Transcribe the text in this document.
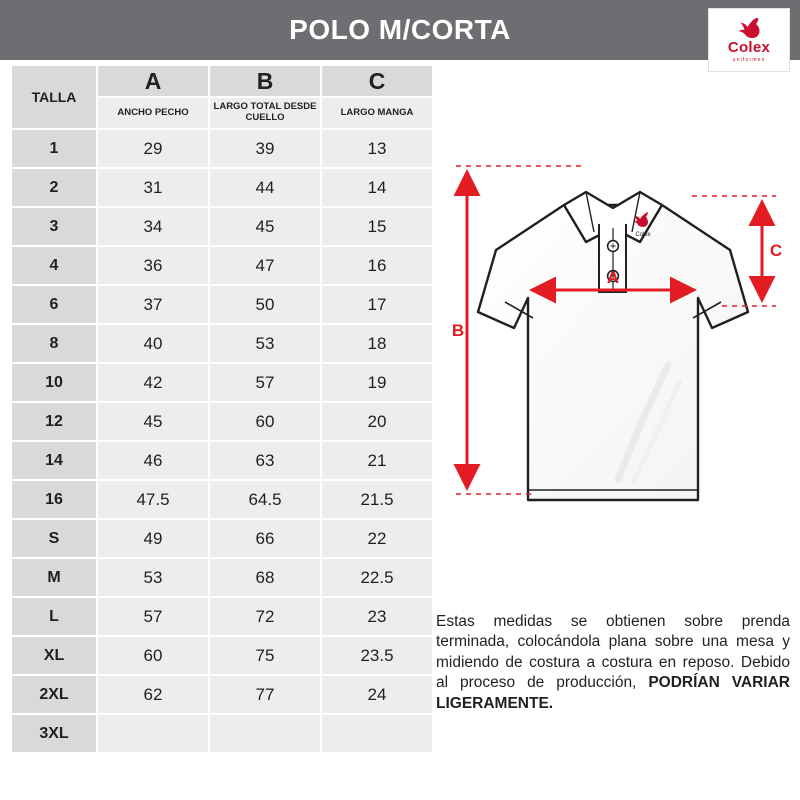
POLO M/CORTA
Colex
uniformes
TALLA	A	B	C
	ANCHO PECHO	LARGO TOTAL DESDE CUELLO	LARGO MANGA
1	29	39	13
2	31	44	14
3	34	45	15
4	36	47	16
6	37	50	17
8	40	53	18
10	42	57	19
12	45	60	20
14	46	63	21
16	47.5	64.5	21.5
S	49	66	22
M	53	68	22.5
L	57	72	23
XL	60	75	23.5
2XL	62	77	24
3XL			
Colex
A
B
C
Estas medidas se obtienen sobre prenda terminada, colocándola plana sobre una mesa y midiendo de costura a costura en reposo. Debido al proceso de producción, PODRÍAN VARIAR LIGERAMENTE.
